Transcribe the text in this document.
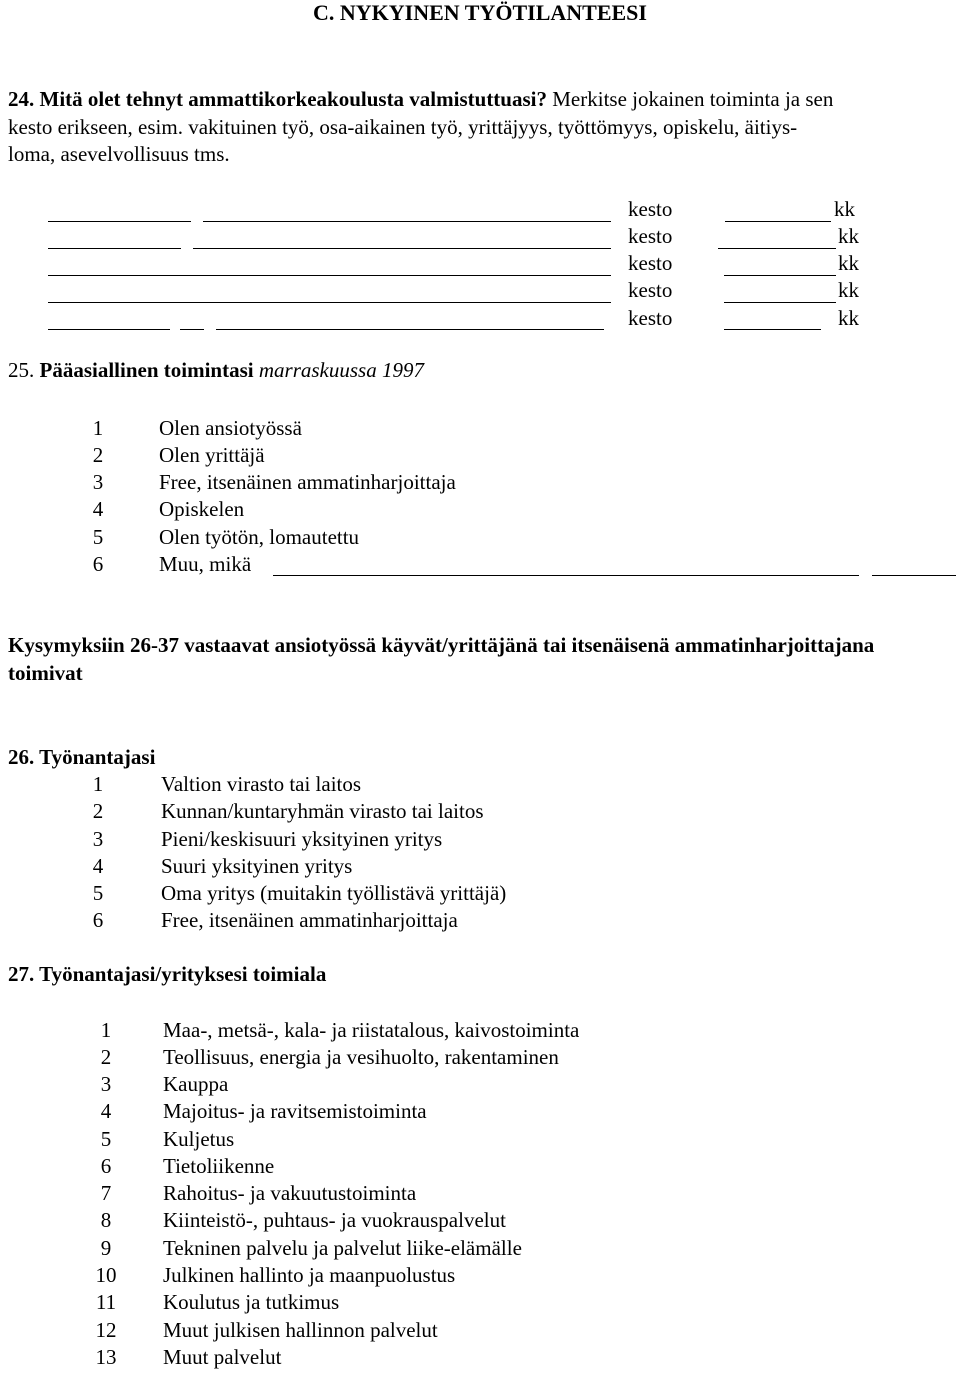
C. NYKYINEN TYÖTILANTEESI
24. Mitä olet tehnyt ammattikorkeakoulusta valmistuttuasi? Merkitse jokainen toiminta ja sen
kesto erikseen, esim. vakituinen työ, osa-aikainen työ, yrittäjyys, työttömyys, opiskelu, äitiys-
loma, asevelvollisuus tms.
kesto	kk
kesto	kk
kesto	kk
kesto	kk
kesto	kk
25. Pääasiallinen toimintasi marraskuussa 1997
1	Olen ansiotyössä
2	Olen yrittäjä
3	Free, itsenäinen ammatinharjoittaja
4	Opiskelen
5	Olen työtön, lomautettu
6	Muu, mikä
Kysymyksiin 26-37 vastaavat ansiotyössä käyvät/yrittäjänä tai itsenäisenä ammatinharjoittajana
toimivat
26. Työnantajasi
1	Valtion virasto tai laitos
2	Kunnan/kuntaryhmän virasto tai laitos
3	Pieni/keskisuuri yksityinen yritys
4	Suuri yksityinen yritys
5	Oma yritys (muitakin työllistävä yrittäjä)
6	Free, itsenäinen ammatinharjoittaja
27. Työnantajasi/yrityksesi toimiala
1	Maa-, metsä-, kala- ja riistatalous, kaivostoiminta
2	Teollisuus, energia ja vesihuolto, rakentaminen
3	Kauppa
4	Majoitus- ja ravitsemistoiminta
5	Kuljetus
6	Tietoliikenne
7	Rahoitus- ja vakuutustoiminta
8	Kiinteistö-, puhtaus- ja vuokrauspalvelut
9	Tekninen palvelu ja palvelut liike-elämälle
10 Julkinen hallinto ja maanpuolustus
11 Koulutus ja tutkimus
12 Muut julkisen hallinnon palvelut
13 Muut palvelut
